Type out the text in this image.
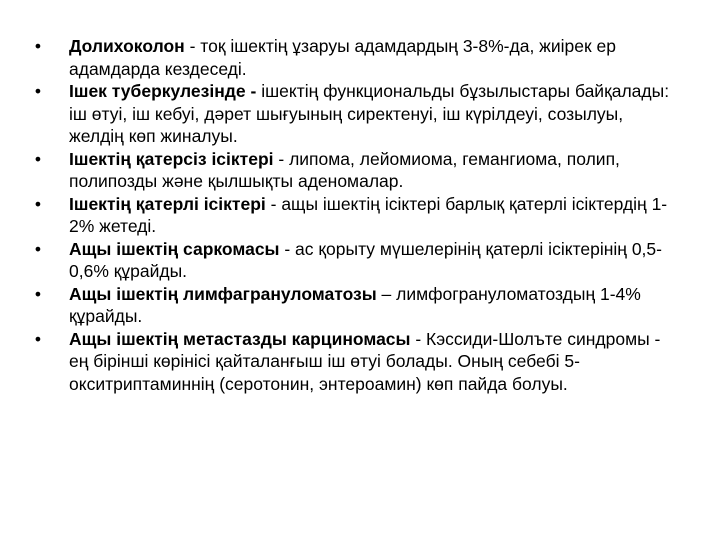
• Долихоколон - тоқ ішектің ұзаруы адамдардың 3-8%-да, жиірек ер адамдарда кездеседі.
• Ішек туберкулезінде - ішектің функциональды бұзылыстары байқалады: іш өтуі, іш кебуі, дәрет шығуының сиректенуі, іш күрілдеуі, созылуы, желдің көп жиналуы.
• Ішектің қатерсіз ісіктері - липома, лейомиома, гемангиома, полип, полипозды және қылшықты аденомалар.
• Ішектің қатерлі ісіктері - ащы ішектің ісіктері барлық қатерлі ісіктердің 1-2% жетеді.
• Ащы ішектің саркомасы - ас қорыту мүшелерінің қатерлі ісіктерінің 0,5-0,6% құрайды.
• Ащы ішектің лимфагрануломатозы – лимфогрануломатоздың 1-4% құрайды.
• Ащы ішектің метастазды карциномасы - Кэссиди-Шолъте синдромы - ең бірінші көрінісі қайталанғыш іш өтуі болады. Оның себебі 5-окситриптаминнің (серотонин, энтероамин) көп пайда болуы.
